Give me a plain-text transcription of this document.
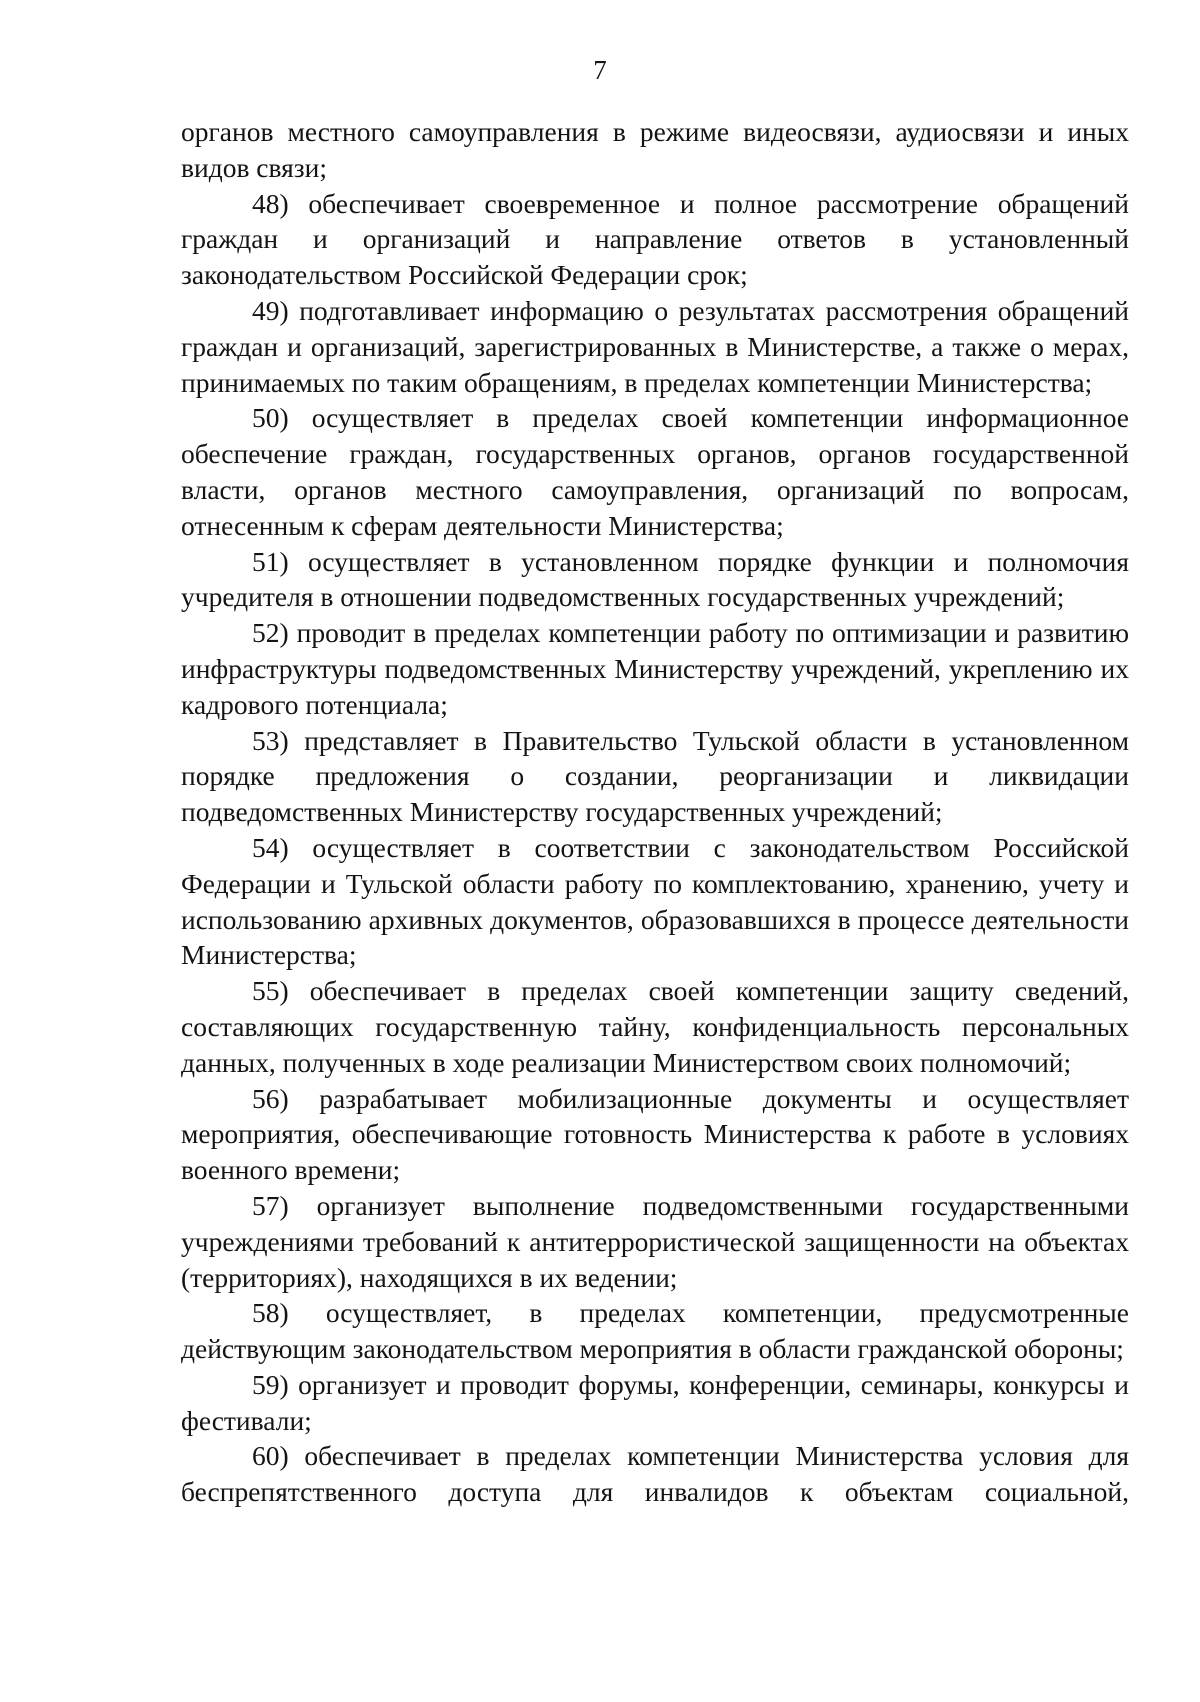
7

органов местного самоуправления в режиме видеосвязи, аудиосвязи и иных видов связи;

48) обеспечивает своевременное и полное рассмотрение обращений граждан и организаций и направление ответов в установленный законодательством Российской Федерации срок;

49) подготавливает информацию о результатах рассмотрения обращений граждан и организаций, зарегистрированных в Министерстве, а также о мерах, принимаемых по таким обращениям, в пределах компетенции Министерства;

50) осуществляет в пределах своей компетенции информационное обеспечение граждан, государственных органов, органов государственной власти, органов местного самоуправления, организаций по вопросам, отнесенным к сферам деятельности Министерства;

51) осуществляет в установленном порядке функции и полномочия учредителя в отношении подведомственных государственных учреждений;

52) проводит в пределах компетенции работу по оптимизации и развитию инфраструктуры подведомственных Министерству учреждений, укреплению их кадрового потенциала;

53) представляет в Правительство Тульской области в установленном порядке предложения о создании, реорганизации и ликвидации подведомственных Министерству государственных учреждений;

54) осуществляет в соответствии с законодательством Российской Федерации и Тульской области работу по комплектованию, хранению, учету и использованию архивных документов, образовавшихся в процессе деятельности Министерства;

55) обеспечивает в пределах своей компетенции защиту сведений, составляющих государственную тайну, конфиденциальность персональных данных, полученных в ходе реализации Министерством своих полномочий;

56) разрабатывает мобилизационные документы и осуществляет мероприятия, обеспечивающие готовность Министерства к работе в условиях военного времени;

57) организует выполнение подведомственными государственными учреждениями требований к антитеррористической защищенности на объектах (территориях), находящихся в их ведении;

58) осуществляет, в пределах компетенции, предусмотренные действующим законодательством мероприятия в области гражданской обороны;

59) организует и проводит форумы, конференции, семинары, конкурсы и фестивали;

60) обеспечивает в пределах компетенции Министерства условия для беспрепятственного доступа для инвалидов к объектам социальной,
